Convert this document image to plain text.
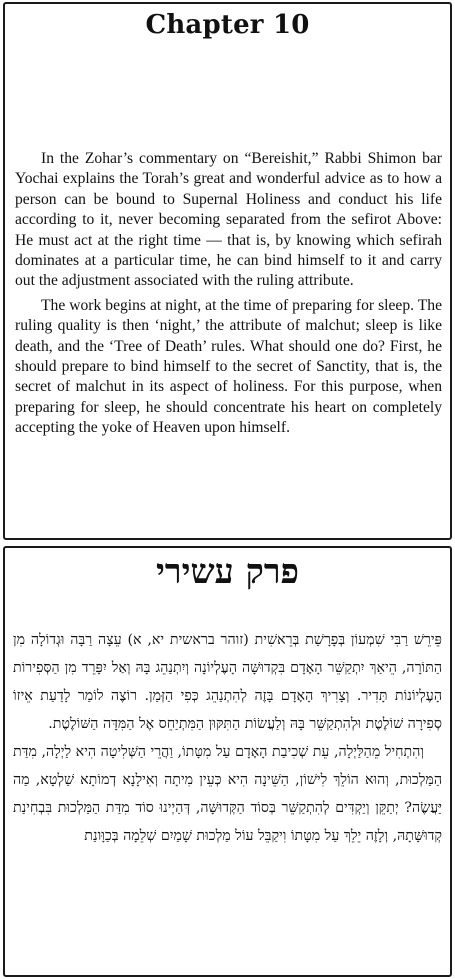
Chapter 10

In the Zohar’s commentary on “Bereishit,” Rabbi Shimon bar Yochai explains the Torah’s great and wonderful advice as to how a person can be bound to Supernal Holiness and conduct his life according to it, never becoming separated from the sefirot Above: He must act at the right time — that is, by knowing which sefirah dominates at a particular time, he can bind himself to it and carry out the adjustment associated with the ruling attribute.

The work begins at night, at the time of preparing for sleep. The ruling quality is then ‘night,’ the attribute of malchut; sleep is like death, and the ‘Tree of Death’ rules. What should one do? First, he should prepare to bind himself to the secret of Sanctity, that is, the secret of malchut in its aspect of holiness. For this purpose, when preparing for sleep, he should concentrate his heart on completely accepting the yoke of Heaven upon himself.

פרק עשירי

פֵּירֵשׁ רַבִּי שִׁמְעוֹן בְּפָרָשַׁת בְּרֵאשִׁית (זוהר בראשית יא, א) עֵצָה רַבָּה וּגְדוֹלָה מִן הַתּוֹרָה, הֵיאַךְ יִתְקַשֵּׁר הָאָדָם בִּקְדוּשָּׁה הָעֶלְיוֹנָה וְיִתְנַהֵג בָּהּ וְאַל יִפָּרֵד מִן הַסְּפִירוֹת הָעֶלְיוֹנוֹת תָּדִיר. וְצָרִיךְ הָאָדָם בָּזֶה לְהִתְנַהֵג כְּפִי הַזְּמַן. רוֹצֶה לוֹמַר לָדַעַת אֵיזוֹ סְפִירָה שׁוֹלֶטֶת וּלְהִתְקַשֵּׁר בָּהּ וְלַעֲשׂוֹת הַתִּקּוּן הַמִּתְיַחֵס אֶל הַמִּדָּה הַשּׁוֹלֶטֶת.

וְהִתְחִיל מֵהַלַּיְלָה, עֵת שְׁכִיבַת הָאָדָם עַל מִטָּתוֹ, וַהֲרֵי הַשְּׁלִיטָה הִיא לַיְלָה, מִדַּת הַמַּלְכוּת, וְהוּא הוֹלֵךְ לִישׁוֹן, הַשֵּׁינָה הִיא כְּעֵין מִיתָה וְאִילָנָא דְמוֹתָא שַׁלְטָא, מַה יַּעֲשֶׂה? יְתַקֵּן וְיַקְדִּים לְהִתְקַשֵּׁר בְּסוֹד הַקְּדוּשָּׁה, דְּהַיְינוּ סוֹד מִדַּת הַמַּלְכוּת בִּבְחִינַת קְדוּשָּׁתָהּ, וְלָזֶה יֵלֵךְ עַל מִטָּתוֹ וִיקַבֵּל עוֹל מַלְכוּת שָׁמַיִם שְׁלֵמָה בְּכַוָּונַת
